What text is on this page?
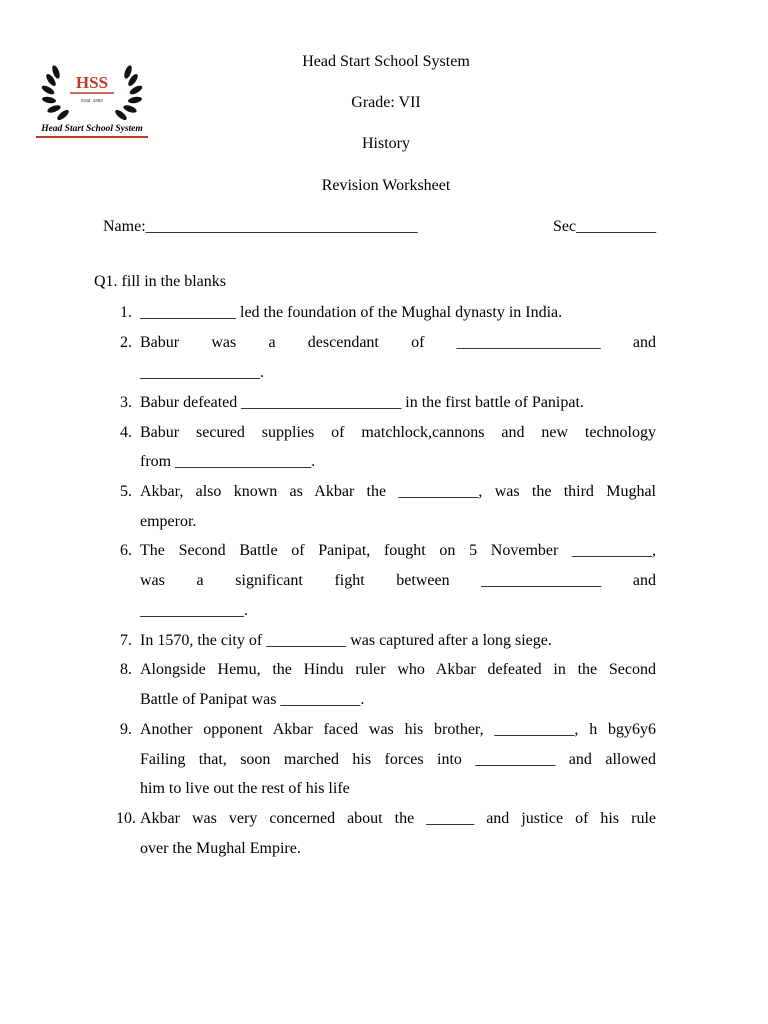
HSS
Estd. 1992
Head Start School System
Head Start School System
Grade: VII
History
Revision Worksheet
Name:__________________________________	Sec__________
Q1. fill in the blanks
1. ____________ led the foundation of the Mughal dynasty in India.
2. Babur was a descendant of __________________ and
_______________.
3. Babur defeated ____________________ in the first battle of Panipat.
4. Babur secured supplies of matchlock,cannons and new technology
from _________________.
5. Akbar, also known as Akbar the __________, was the third Mughal
emperor.
6. The Second Battle of Panipat, fought on 5 November __________,
was a significant fight between _______________ and
_____________.
7. In 1570, the city of __________ was captured after a long siege.
8. Alongside Hemu, the Hindu ruler who Akbar defeated in the Second
Battle of Panipat was __________.
9. Another opponent Akbar faced was his brother, __________, h bgy6y6
Failing that, soon marched his forces into __________ and allowed
him to live out the rest of his life
10. Akbar was very concerned about the ______ and justice of his rule
over the Mughal Empire.
